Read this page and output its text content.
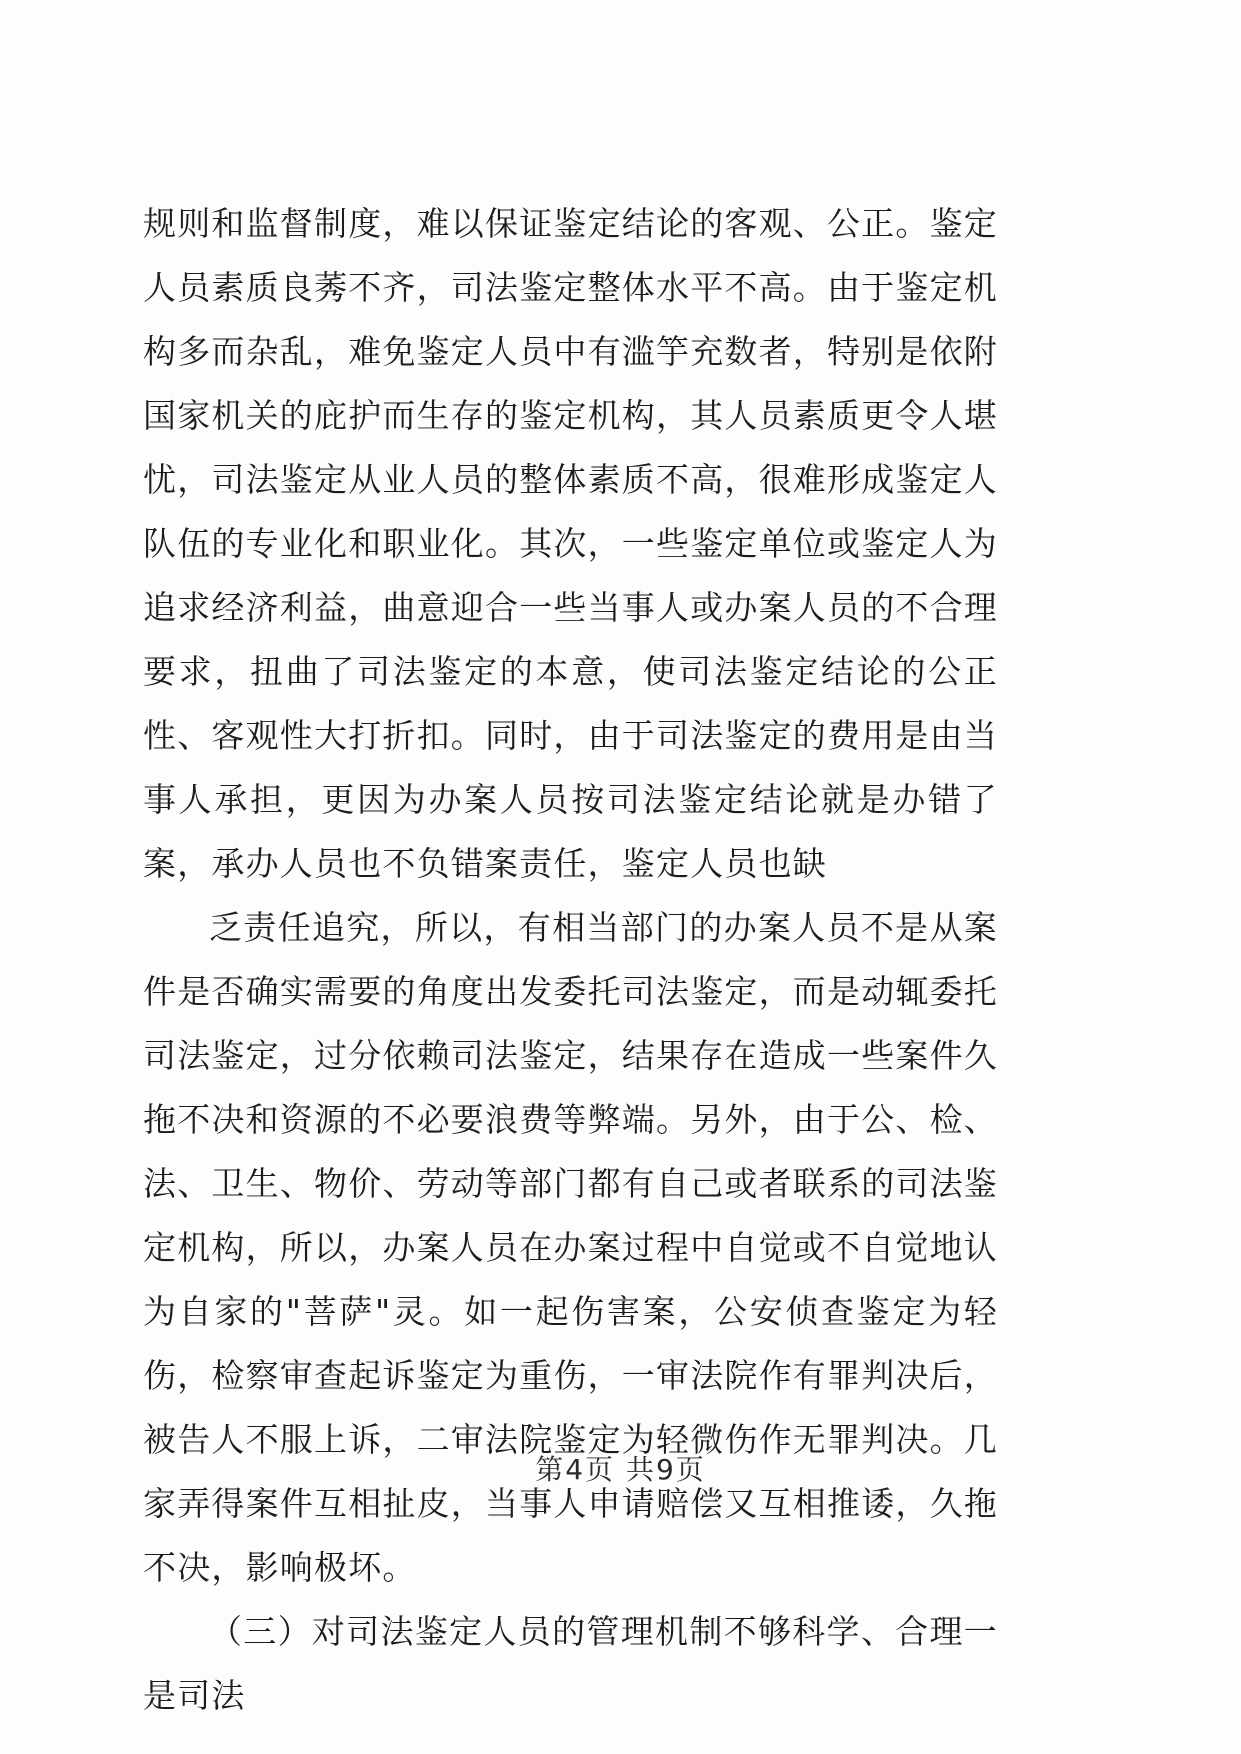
规则和监督制度，难以保证鉴定结论的客观、公正。鉴定人员素质良莠不齐，司法鉴定整体水平不高。由于鉴定机构多而杂乱，难免鉴定人员中有滥竽充数者，特别是依附国家机关的庇护而生存的鉴定机构，其人员素质更令人堪忧，司法鉴定从业人员的整体素质不高，很难形成鉴定人队伍的专业化和职业化。其次，一些鉴定单位或鉴定人为追求经济利益，曲意迎合一些当事人或办案人员的不合理要求，扭曲了司法鉴定的本意，使司法鉴定结论的公正性、客观性大打折扣。同时，由于司法鉴定的费用是由当事人承担，更因为办案人员按司法鉴定结论就是办错了案，承办人员也不负错案责任，鉴定人员也缺

乏责任追究，所以，有相当部门的办案人员不是从案件是否确实需要的角度出发委托司法鉴定，而是动辄委托司法鉴定，过分依赖司法鉴定，结果存在造成一些案件久拖不决和资源的不必要浪费等弊端。另外，由于公、检、法、卫生、物价、劳动等部门都有自己或者联系的司法鉴定机构，所以，办案人员在办案过程中自觉或不自觉地认为自家的"菩萨"灵。如一起伤害案，公安侦查鉴定为轻伤，检察审查起诉鉴定为重伤，一审法院作有罪判决后，被告人不服上诉，二审法院鉴定为轻微伤作无罪判决。几家弄得案件互相扯皮，当事人申请赔偿又互相推诿，久拖不决，影响极坏。

（三）对司法鉴定人员的管理机制不够科学、合理一是司法

第4页 共9页
